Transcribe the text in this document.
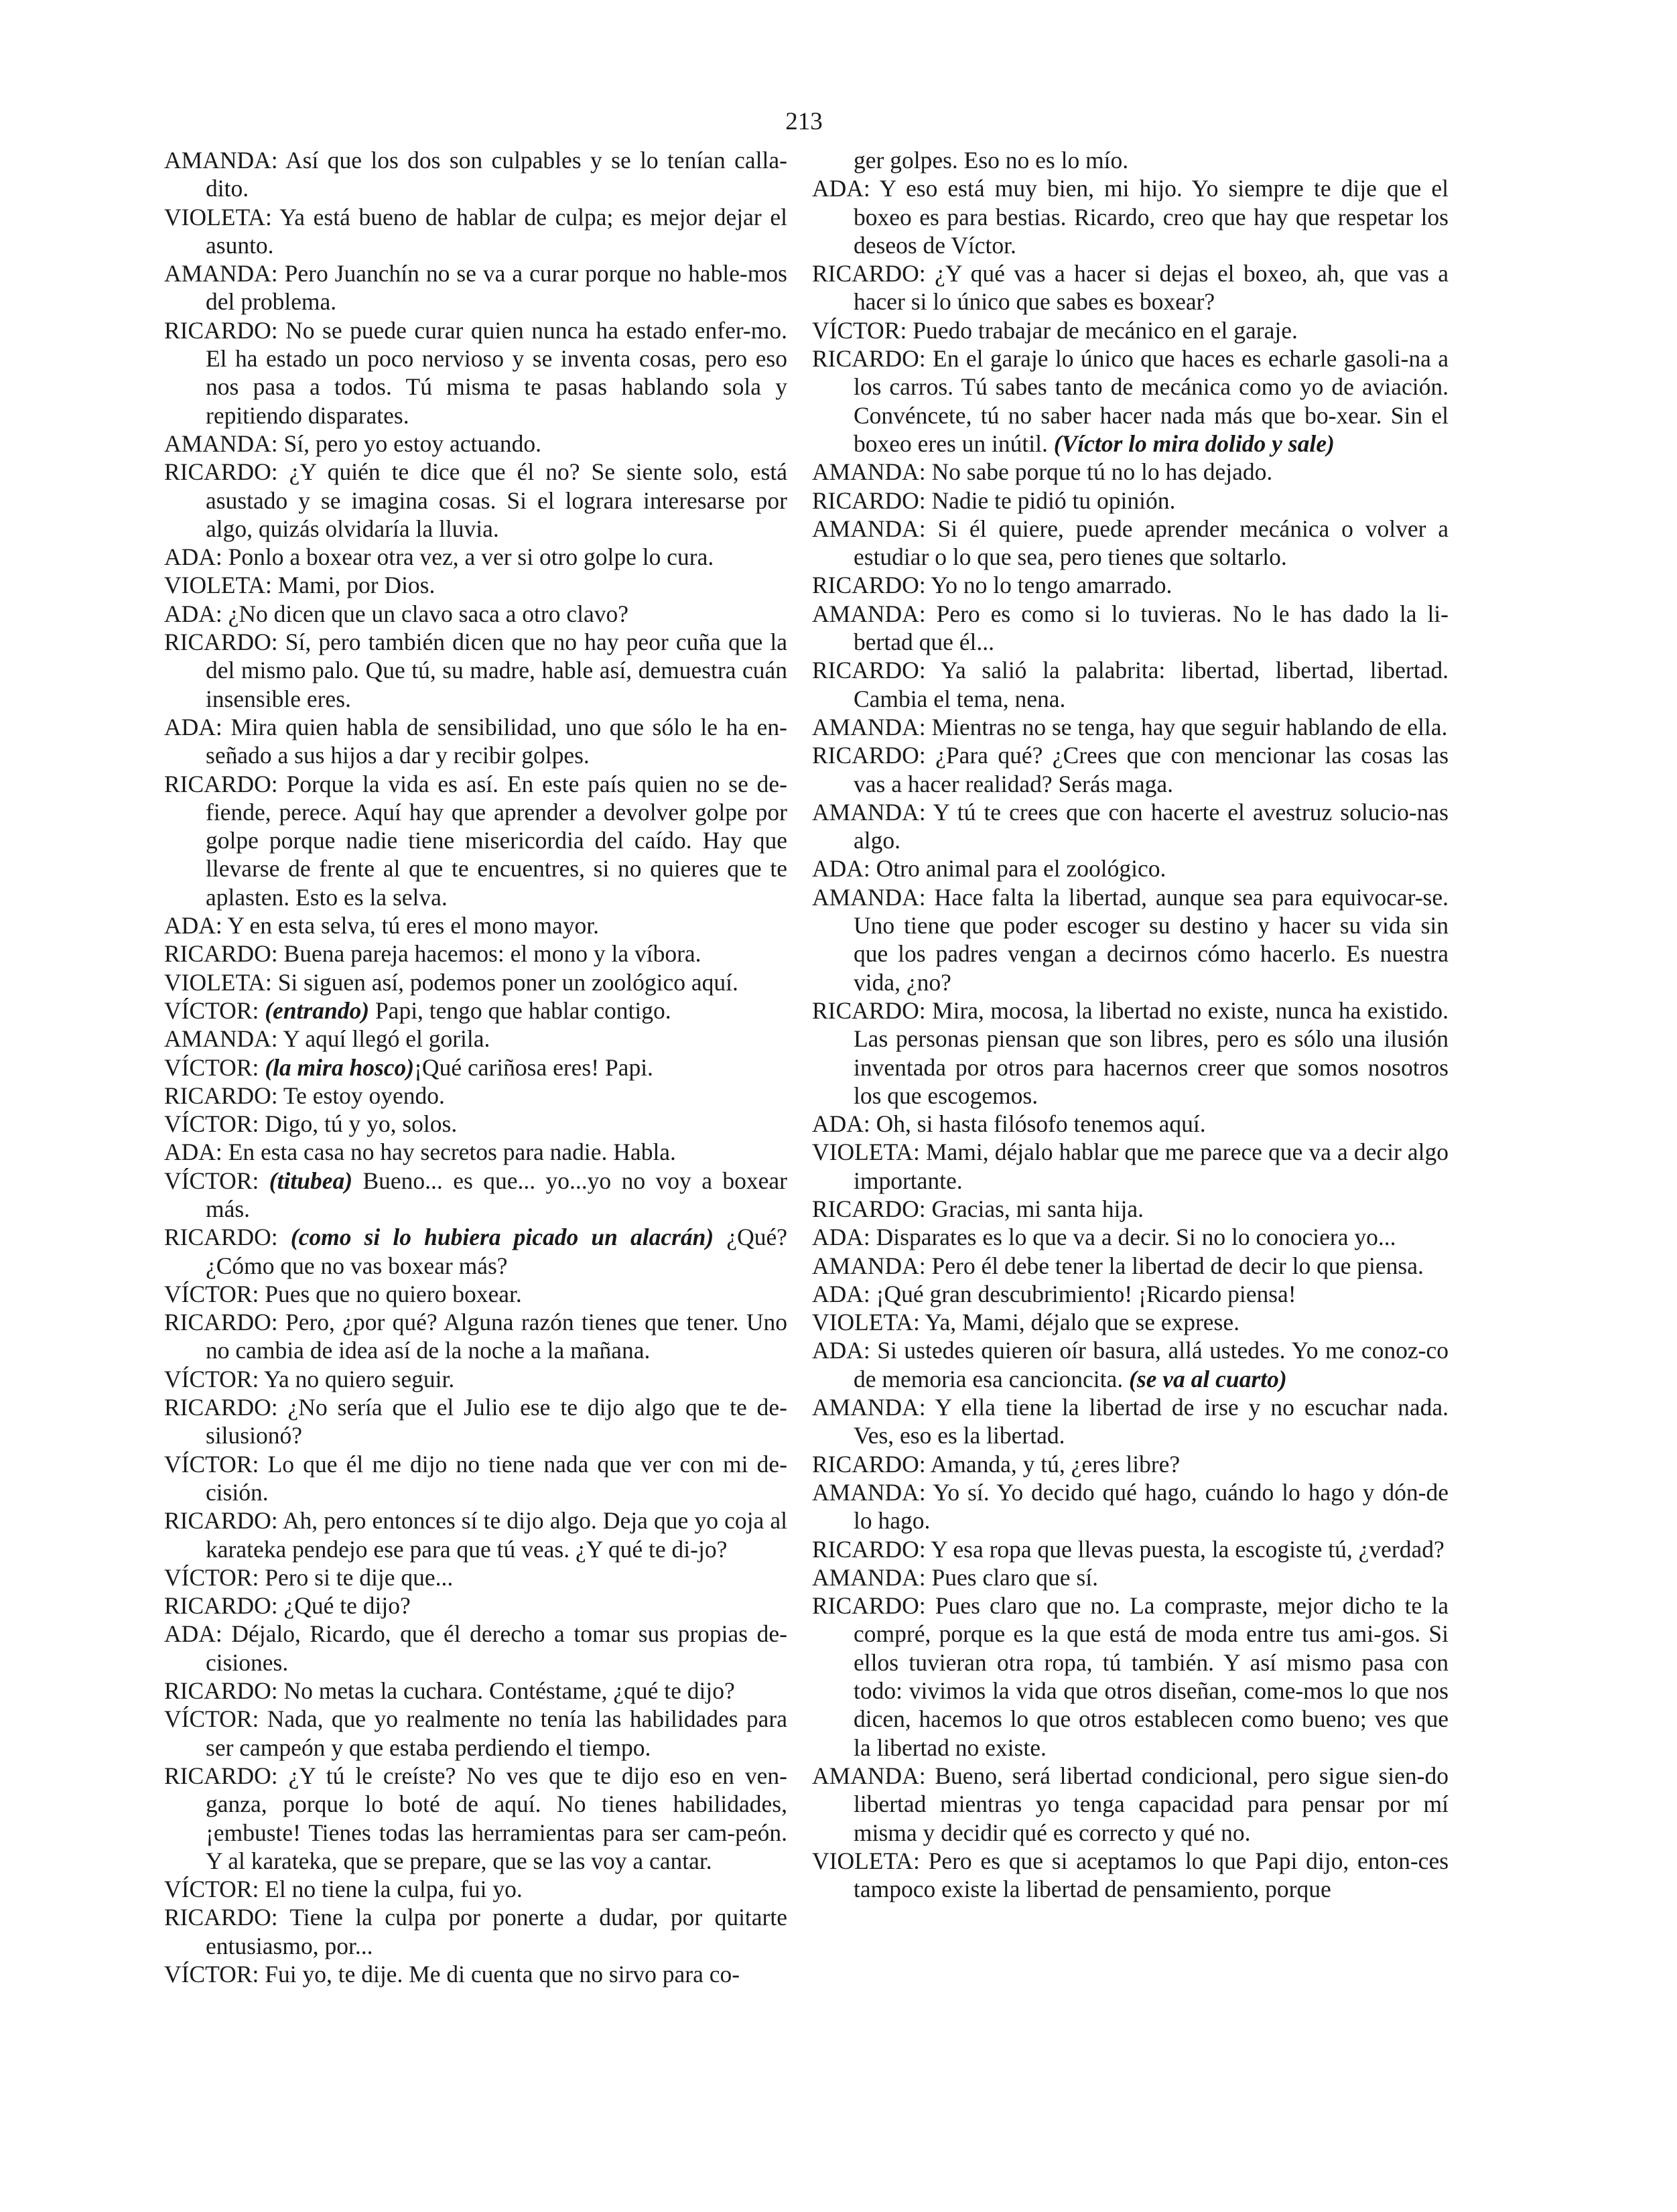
213

AMANDA: Así que los dos son culpables y se lo tenían calla-dito.

VIOLETA: Ya está bueno de hablar de culpa; es mejor dejar el asunto.

AMANDA: Pero Juanchín no se va a curar porque no hable-mos del problema.

RICARDO: No se puede curar quien nunca ha estado enfer-mo. El ha estado un poco nervioso y se inventa cosas, pero eso nos pasa a todos. Tú misma te pasas hablando sola y repitiendo disparates.

AMANDA: Sí, pero yo estoy actuando.

RICARDO: ¿Y quién te dice que él no? Se siente solo, está asustado y se imagina cosas. Si el lograra interesarse por algo, quizás olvidaría la lluvia.

ADA: Ponlo a boxear otra vez, a ver si otro golpe lo cura.

VIOLETA: Mami, por Dios.

ADA: ¿No dicen que un clavo saca a otro clavo?

RICARDO: Sí, pero también dicen que no hay peor cuña que la del mismo palo. Que tú, su madre, hable así, demuestra cuán insensible eres.

ADA: Mira quien habla de sensibilidad, uno que sólo le ha en-señado a sus hijos a dar y recibir golpes.

RICARDO: Porque la vida es así. En este país quien no se de-fiende, perece. Aquí hay que aprender a devolver golpe por golpe porque nadie tiene misericordia del caído. Hay que llevarse de frente al que te encuentres, si no quieres que te aplasten. Esto es la selva.

ADA: Y en esta selva, tú eres el mono mayor.

RICARDO: Buena pareja hacemos: el mono y la víbora.

VIOLETA: Si siguen así, podemos poner un zoológico aquí.

VÍCTOR: (entrando) Papi, tengo que hablar contigo.

AMANDA: Y aquí llegó el gorila.

VÍCTOR: (la mira hosco)¡Qué cariñosa eres! Papi.

RICARDO: Te estoy oyendo.

VÍCTOR: Digo, tú y yo, solos.

ADA: En esta casa no hay secretos para nadie. Habla.

VÍCTOR: (titubea) Bueno... es que... yo...yo no voy a boxear más.

RICARDO: (como si lo hubiera picado un alacrán) ¿Qué? ¿Cómo que no vas boxear más?

VÍCTOR: Pues que no quiero boxear.

RICARDO: Pero, ¿por qué? Alguna razón tienes que tener. Uno no cambia de idea así de la noche a la mañana.

VÍCTOR: Ya no quiero seguir.

RICARDO: ¿No sería que el Julio ese te dijo algo que te de-silusionó?

VÍCTOR: Lo que él me dijo no tiene nada que ver con mi de-cisión.

RICARDO: Ah, pero entonces sí te dijo algo. Deja que yo coja al karateka pendejo ese para que tú veas. ¿Y qué te di-jo?

VÍCTOR: Pero si te dije que...

RICARDO: ¿Qué te dijo?

ADA: Déjalo, Ricardo, que él derecho a tomar sus propias de-cisiones.

RICARDO: No metas la cuchara. Contéstame, ¿qué te dijo?

VÍCTOR: Nada, que yo realmente no tenía las habilidades para ser campeón y que estaba perdiendo el tiempo.

RICARDO: ¿Y tú le creíste? No ves que te dijo eso en ven-ganza, porque lo boté de aquí. No tienes habilidades, ¡embuste! Tienes todas las herramientas para ser cam-peón. Y al karateka, que se prepare, que se las voy a cantar.

VÍCTOR: El no tiene la culpa, fui yo.

RICARDO: Tiene la culpa por ponerte a dudar, por quitarte entusiasmo, por...

VÍCTOR: Fui yo, te dije. Me di cuenta que no sirvo para co-

ger golpes. Eso no es lo mío.

ADA: Y eso está muy bien, mi hijo. Yo siempre te dije que el boxeo es para bestias. Ricardo, creo que hay que respetar los deseos de Víctor.

RICARDO: ¿Y qué vas a hacer si dejas el boxeo, ah, que vas a hacer si lo único que sabes es boxear?

VÍCTOR: Puedo trabajar de mecánico en el garaje.

RICARDO: En el garaje lo único que haces es echarle gasoli-na a los carros. Tú sabes tanto de mecánica como yo de aviación. Convéncete, tú no saber hacer nada más que bo-xear. Sin el boxeo eres un inútil. (Víctor lo mira dolido y sale)

AMANDA: No sabe porque tú no lo has dejado.

RICARDO: Nadie te pidió tu opinión.

AMANDA: Si él quiere, puede aprender mecánica o volver a estudiar o lo que sea, pero tienes que soltarlo.

RICARDO: Yo no lo tengo amarrado.

AMANDA: Pero es como si lo tuvieras. No le has dado la li-bertad que él...

RICARDO: Ya salió la palabrita: libertad, libertad, libertad. Cambia el tema, nena.

AMANDA: Mientras no se tenga, hay que seguir hablando de ella.

RICARDO: ¿Para qué? ¿Crees que con mencionar las cosas las vas a hacer realidad? Serás maga.

AMANDA: Y tú te crees que con hacerte el avestruz solucio-nas algo.

ADA: Otro animal para el zoológico.

AMANDA: Hace falta la libertad, aunque sea para equivocar-se. Uno tiene que poder escoger su destino y hacer su vida sin que los padres vengan a decirnos cómo hacerlo. Es nuestra vida, ¿no?

RICARDO: Mira, mocosa, la libertad no existe, nunca ha existido. Las personas piensan que son libres, pero es sólo una ilusión inventada por otros para hacernos creer que somos nosotros los que escogemos.

ADA: Oh, si hasta filósofo tenemos aquí.

VIOLETA: Mami, déjalo hablar que me parece que va a decir algo importante.

RICARDO: Gracias, mi santa hija.

ADA: Disparates es lo que va a decir. Si no lo conociera yo...

AMANDA: Pero él debe tener la libertad de decir lo que piensa.

ADA: ¡Qué gran descubrimiento! ¡Ricardo piensa!

VIOLETA: Ya, Mami, déjalo que se exprese.

ADA: Si ustedes quieren oír basura, allá ustedes. Yo me conoz-co de memoria esa cancioncita. (se va al cuarto)

AMANDA: Y ella tiene la libertad de irse y no escuchar nada. Ves, eso es la libertad.

RICARDO: Amanda, y tú, ¿eres libre?

AMANDA: Yo sí. Yo decido qué hago, cuándo lo hago y dón-de lo hago.

RICARDO: Y esa ropa que llevas puesta, la escogiste tú, ¿verdad?

AMANDA: Pues claro que sí.

RICARDO: Pues claro que no. La compraste, mejor dicho te la compré, porque es la que está de moda entre tus ami-gos. Si ellos tuvieran otra ropa, tú también. Y así mismo pasa con todo: vivimos la vida que otros diseñan, come-mos lo que nos dicen, hacemos lo que otros establecen como bueno; ves que la libertad no existe.

AMANDA: Bueno, será libertad condicional, pero sigue sien-do libertad mientras yo tenga capacidad para pensar por mí misma y decidir qué es correcto y qué no.

VIOLETA: Pero es que si aceptamos lo que Papi dijo, enton-ces tampoco existe la libertad de pensamiento, porque
